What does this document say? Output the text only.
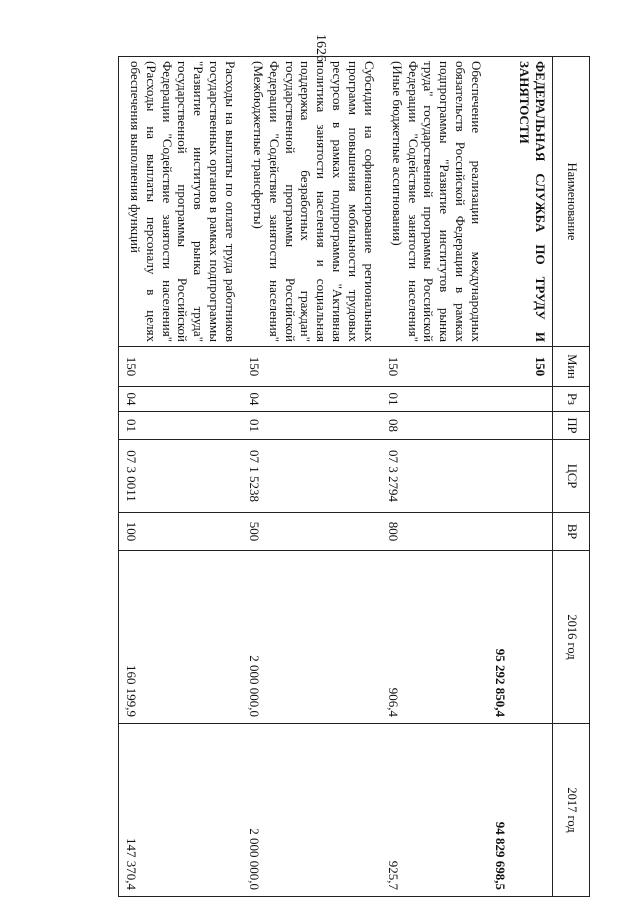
1626
Наименование	Мин	Рз	ПР	ЦСР	ВР	2016 год	2017 год
ФЕДЕРАЛЬНАЯ СЛУЖБА ПО ТРУДУ И ЗАНЯТОСТИ	150					95 292 850,4	94 829 698,5
Обеспечение реализации международных обязательств Российской Федерации в рамках подпрограммы "Развитие институтов рынка труда" государственной программы Российской Федерации "Содействие занятости населения" (Иные бюджетные ассигнования)	150	01	08	07 3 2794	800	906,4	925,7
Субсидии на софинансирование региональных программ повышения мобильности трудовых ресурсов в рамках подпрограммы "Активная политика занятости населения и социальная поддержка безработных граждан" государственной программы Российской Федерации "Содействие занятости населения" (Межбюджетные трансферты)	150	04	01	07 1 5238	500	2 000 000,0	2 000 000,0
Расходы на выплаты по оплате труда работников государственных органов в рамках подпрограммы "Развитие институтов рынка труда" государственной программы Российской Федерации "Содействие занятости населения" (Расходы на выплаты персоналу в целях обеспечения выполнения функций	150	04	01	07 3 0011	100	160 199,9	147 370,4
